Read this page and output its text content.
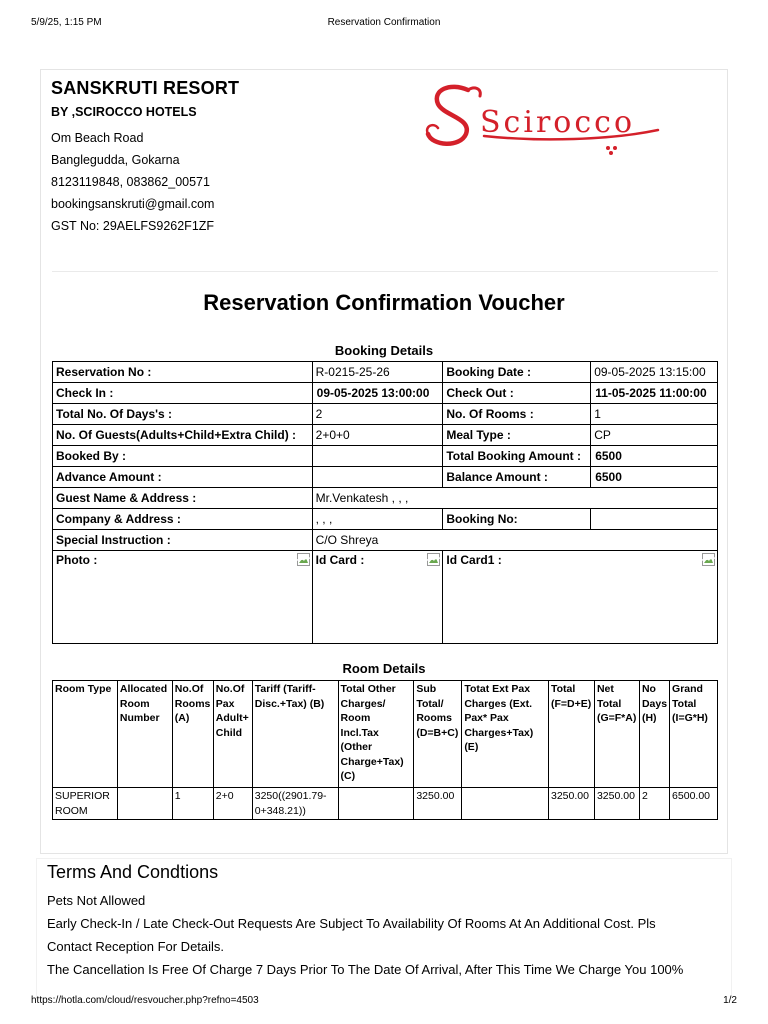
5/9/25, 1:15 PM	Reservation Confirmation
SANSKRUTI RESORT
BY ,SCIROCCO HOTELS
Om Beach Road
Banglegudda, Gokarna
8123119848, 083862_00571
bookingsanskruti@gmail.com
GST No: 29AELFS9262F1ZF
Scirocco
Reservation Confirmation Voucher
Booking Details
Reservation No :	R-0215-25-26	Booking Date :	09-05-2025 13:15:00
Check In :	09-05-2025 13:00:00	Check Out :	11-05-2025 11:00:00
Total No. Of Days's :	2	No. Of Rooms :	1
No. Of Guests(Adults+Child+Extra Child) :	2+0+0	Meal Type :	CP
Booked By :		Total Booking Amount :	6500
Advance Amount :		Balance Amount :	6500
Guest Name & Address :	Mr.Venkatesh , , ,		
Company & Address :	, , ,	Booking No:	
Special Instruction :	C/O Shreya		
Photo :	Id Card :	Id Card1 :	
Room Details
Room Type	Allocated Room Number	No.Of Rooms (A)	No.Of Pax Adult+ Child	Tariff (Tariff- Disc.+Tax) (B)	Total Other Charges/ Room Incl.Tax (Other Charge+Tax) (C)	Sub Total/ Rooms (D=B+C)	Totat Ext Pax Charges (Ext. Pax* Pax Charges+Tax) (E)	Total (F=D+E)	Net Total (G=F*A)	No Days (H)	Grand Total (I=G*H)
SUPERIOR ROOM		1	2+0	3250((2901.79-0+348.21))		3250.00		3250.00	3250.00	2	6500.00
Terms And Condtions
Pets Not Allowed
Early Check-In / Late Check-Out Requests Are Subject To Availability Of Rooms At An Additional Cost. Pls
Contact Reception For Details.
The Cancellation Is Free Of Charge 7 Days Prior To The Date Of Arrival, After This Time We Charge You 100%
https://hotla.com/cloud/resvoucher.php?refno=4503	1/2
